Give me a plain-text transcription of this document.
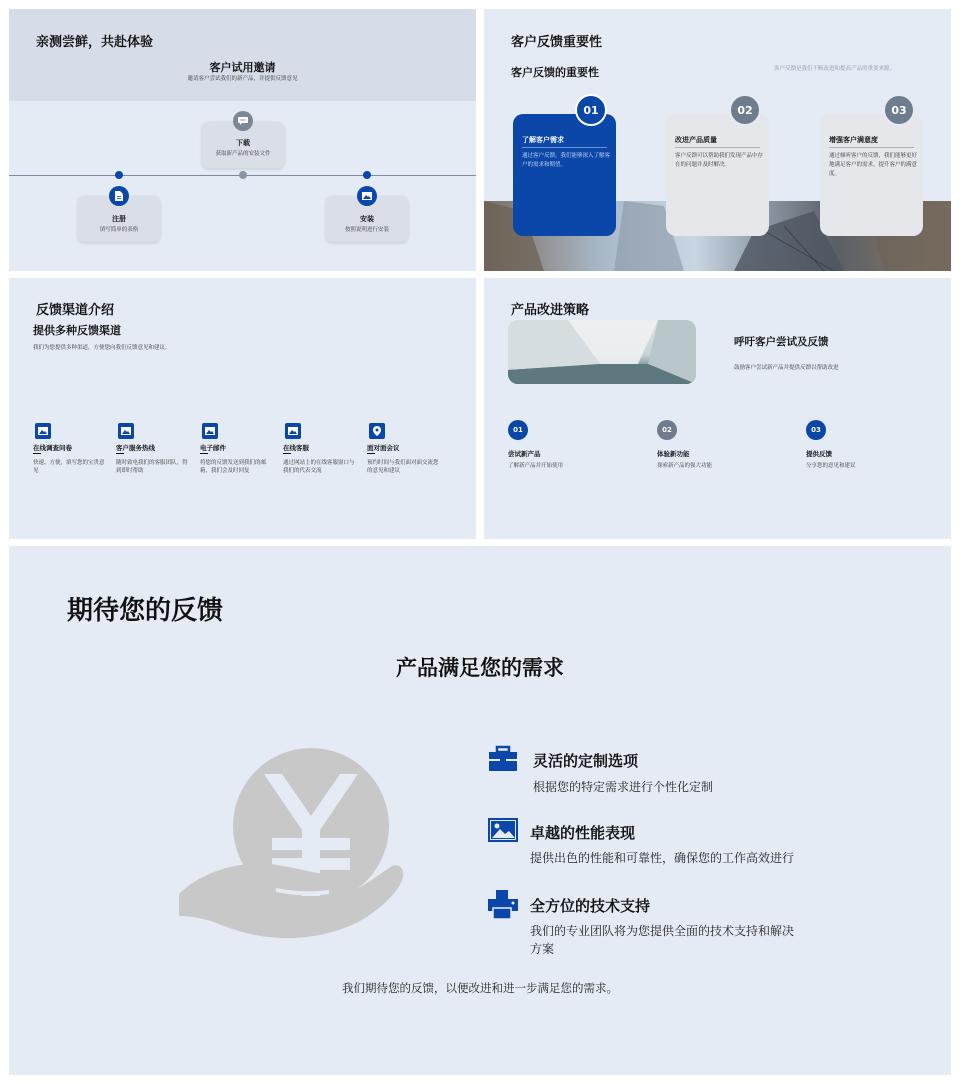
亲测尝鲜，共赴体验
客户试用邀请
邀请客户尝试我们的新产品，并提供反馈意见
下载
获取新产品的安装文件
注册
填写简单的表格
安装
按照说明进行安装
客户反馈重要性
客户反馈的重要性	客户反馈是我们不断改进和提高产品的重要来源。
了解客户需求
通过客户反馈，我们能够深入了解客户的需求和期望。
01
改进产品质量
客户反馈可以帮助我们发现产品中存在的问题并及时解决。
02
增强客户满意度
通过倾听客户的反馈，我们能够更好地满足客户的需求，提升客户的满意度。
03
反馈渠道介绍
提供多种反馈渠道
我们为您提供多种渠道，方便您向我们反馈意见和建议。
在线调查问卷
快速、方便，填写您的宝贵意见
客户服务热线
随时致电我们的客服团队，得到即时帮助
电子邮件
将您的反馈发送到我们的邮箱，我们会及时回复
在线客服
通过网站上的在线客服窗口与我们的代表交流
面对面会议
预约时间与我们面对面交流您的意见和建议
产品改进策略
呼吁客户尝试及反馈
鼓励客户尝试新产品并提供反馈以帮助改进
01
尝试新产品
了解新产品并开始使用
02
体验新功能
探索新产品的强大功能
03
提供反馈
分享您的意见和建议
期待您的反馈
产品满足您的需求
灵活的定制选项
根据您的特定需求进行个性化定制
卓越的性能表现
提供出色的性能和可靠性，确保您的工作高效进行
全方位的技术支持
我们的专业团队将为您提供全面的技术支持和解决方案
我们期待您的反馈，以便改进和进一步满足您的需求。
